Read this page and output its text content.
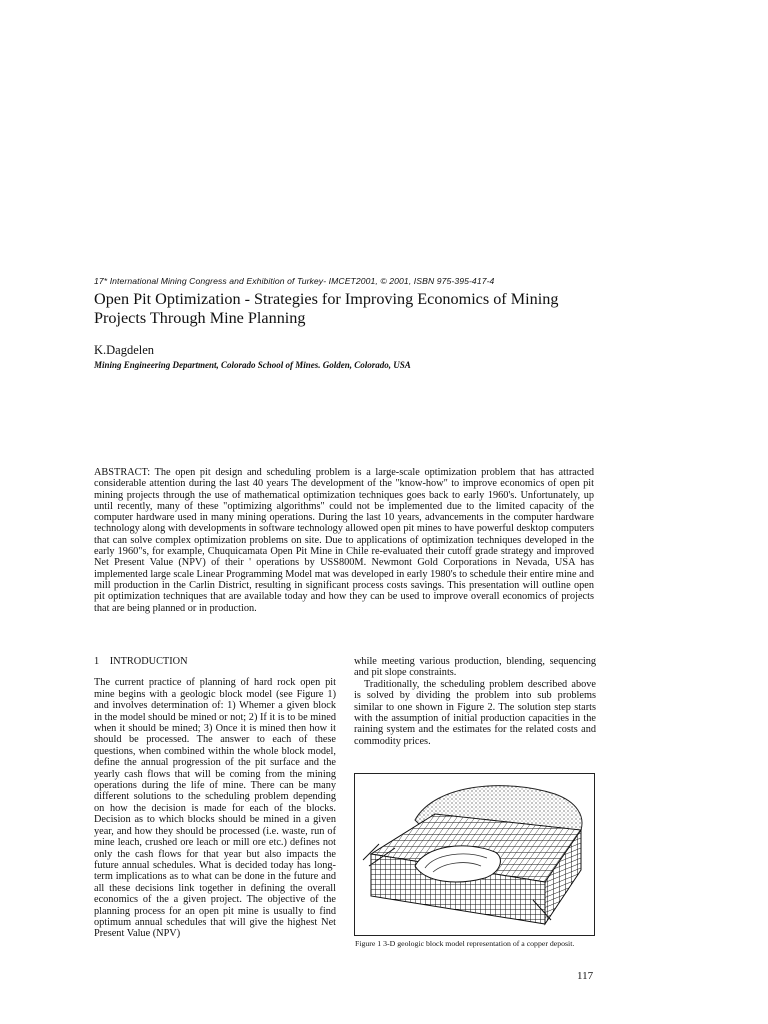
17* International Mining Congress and Exhibition of Turkey- IMCET2001, © 2001, ISBN 975-395-417-4
Open Pit Optimization - Strategies for Improving Economics of Mining Projects Through Mine Planning
K.Dagdelen
Mining Engineering Department, Colorado School of Mines. Golden, Colorado, USA

ABSTRACT: The open pit design and scheduling problem is a large-scale optimization problem that has attracted considerable attention during the last 40 years The development of the "know-how" to improve economics of open pit mining projects through the use of mathematical optimization techniques goes back to early 1960's. Unfortunately, up until recently, many of these "optimizing algorithms" could not be implemented due to the limited capacity of the computer hardware used in many mining operations. During the last 10 years, advancements in the computer hardware technology along with developments in software technology allowed open pit mines to have powerful desktop computers that can solve complex optimization problems on site. Due to applications of optimization techniques developed in the early 1960"s, for example, Chuquicamata Open Pit Mine in Chile re-evaluated their cutoff grade strategy and improved Net Present Value (NPV) of their ' operations by USS800M. Newmont Gold Corporations in Nevada, USA has implemented large scale Linear Programming Model mat was developed in early 1980's to schedule their entire mine and mill production in the Carlin District, resulting in significant process costs savings. This presentation will outline open pit optimization techniques that are available today and how they can be used to improve overall economics of projects that are being planned or in production.

1 INTRODUCTION

The current practice of planning of hard rock open pit mine begins with a geologic block model (see Figure 1) and involves determination of: 1) Whemer a given block in the model should be mined or not; 2) If it is to be mined when it should be mined; 3) Once it is mined then how it should be processed. The answer to each of these questions, when combined within the whole block model, define the annual progression of the pit surface and the yearly cash flows that will be coming from the mining operations during the life of mine. There can be many different solutions to the scheduling problem depending on how the decision is made for each of the blocks. Decision as to which blocks should be mined in a given year, and how they should be processed (i.e. waste, run of mine leach, crushed ore leach or mill ore etc.) defines not only the cash flows for that year but also impacts the future annual schedules. What is decided today has long-term implications as to what can be done in the future and all these decisions link together in defining the overall economics of the a given project. The objective of the planning process for an open pit mine is usually to find optimum annual schedules that will give the highest Net Present Value (NPV)

while meeting various production, blending, sequencing and pit slope constraints.

Traditionally, the scheduling problem described above is solved by dividing the problem into sub problems similar to one shown in Figure 2. The solution step starts with the assumption of initial production capacities in the raining system and the estimates for the related costs and commodity prices.

Figure 1 3-D geologic block model representation of a copper deposit.
117
